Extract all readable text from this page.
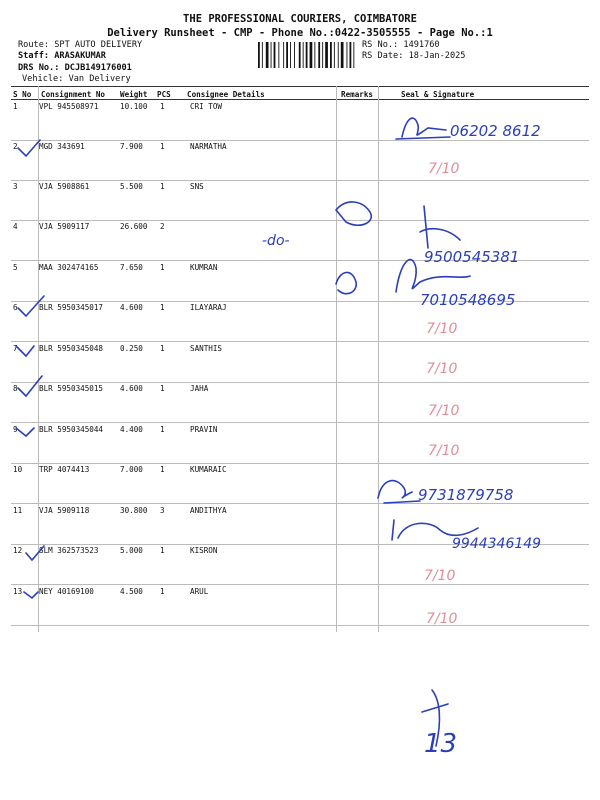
THE PROFESSIONAL COURIERS, COIMBATORE
Delivery Runsheet - CMP - Phone No.:0422-3505555 - Page No.:1
Route: SPT AUTO DELIVERY
Staff: ARASAKUMAR
DRS No.: DCJB149176001
Vehicle: Van Delivery
RS No.: 1491760
RS Date: 18-Jan-2025
S No Consignment No Weight PCS Consignee Details	Remarks	Seal & Signature
1	VPL 945508971	10.100 1	CRI TOW
2	MGD 343691	7.900 1	NARMATHA
3	VJA 5908861	5.500 1	SNS
4	VJA 5909117	26.600 2
5	MAA 302474165	7.650 1	KUMRAN
6	BLR 5950345017 4.600 1	ILAYARAJ
7	BLR 5950345048 0.250 1	SANTHIS
8	BLR 5950345015 4.600 1	JAHA
9	BLR 5950345044 4.400 1	PRAVIN
10 TRP 4074413	7.000 1	KUMARAIC
11 VJA 5909118	30.800 3	ANDITHYA
12 SLM 362573523	5.000 1	KISRON
13 NEY 40169100	4.500 1	ARUL
06202 8612
-do-
9500545381
7010548695
9731879758
9944346149
13
7/10
7/10
7/10
7/10
7/10
7/10
7/10
